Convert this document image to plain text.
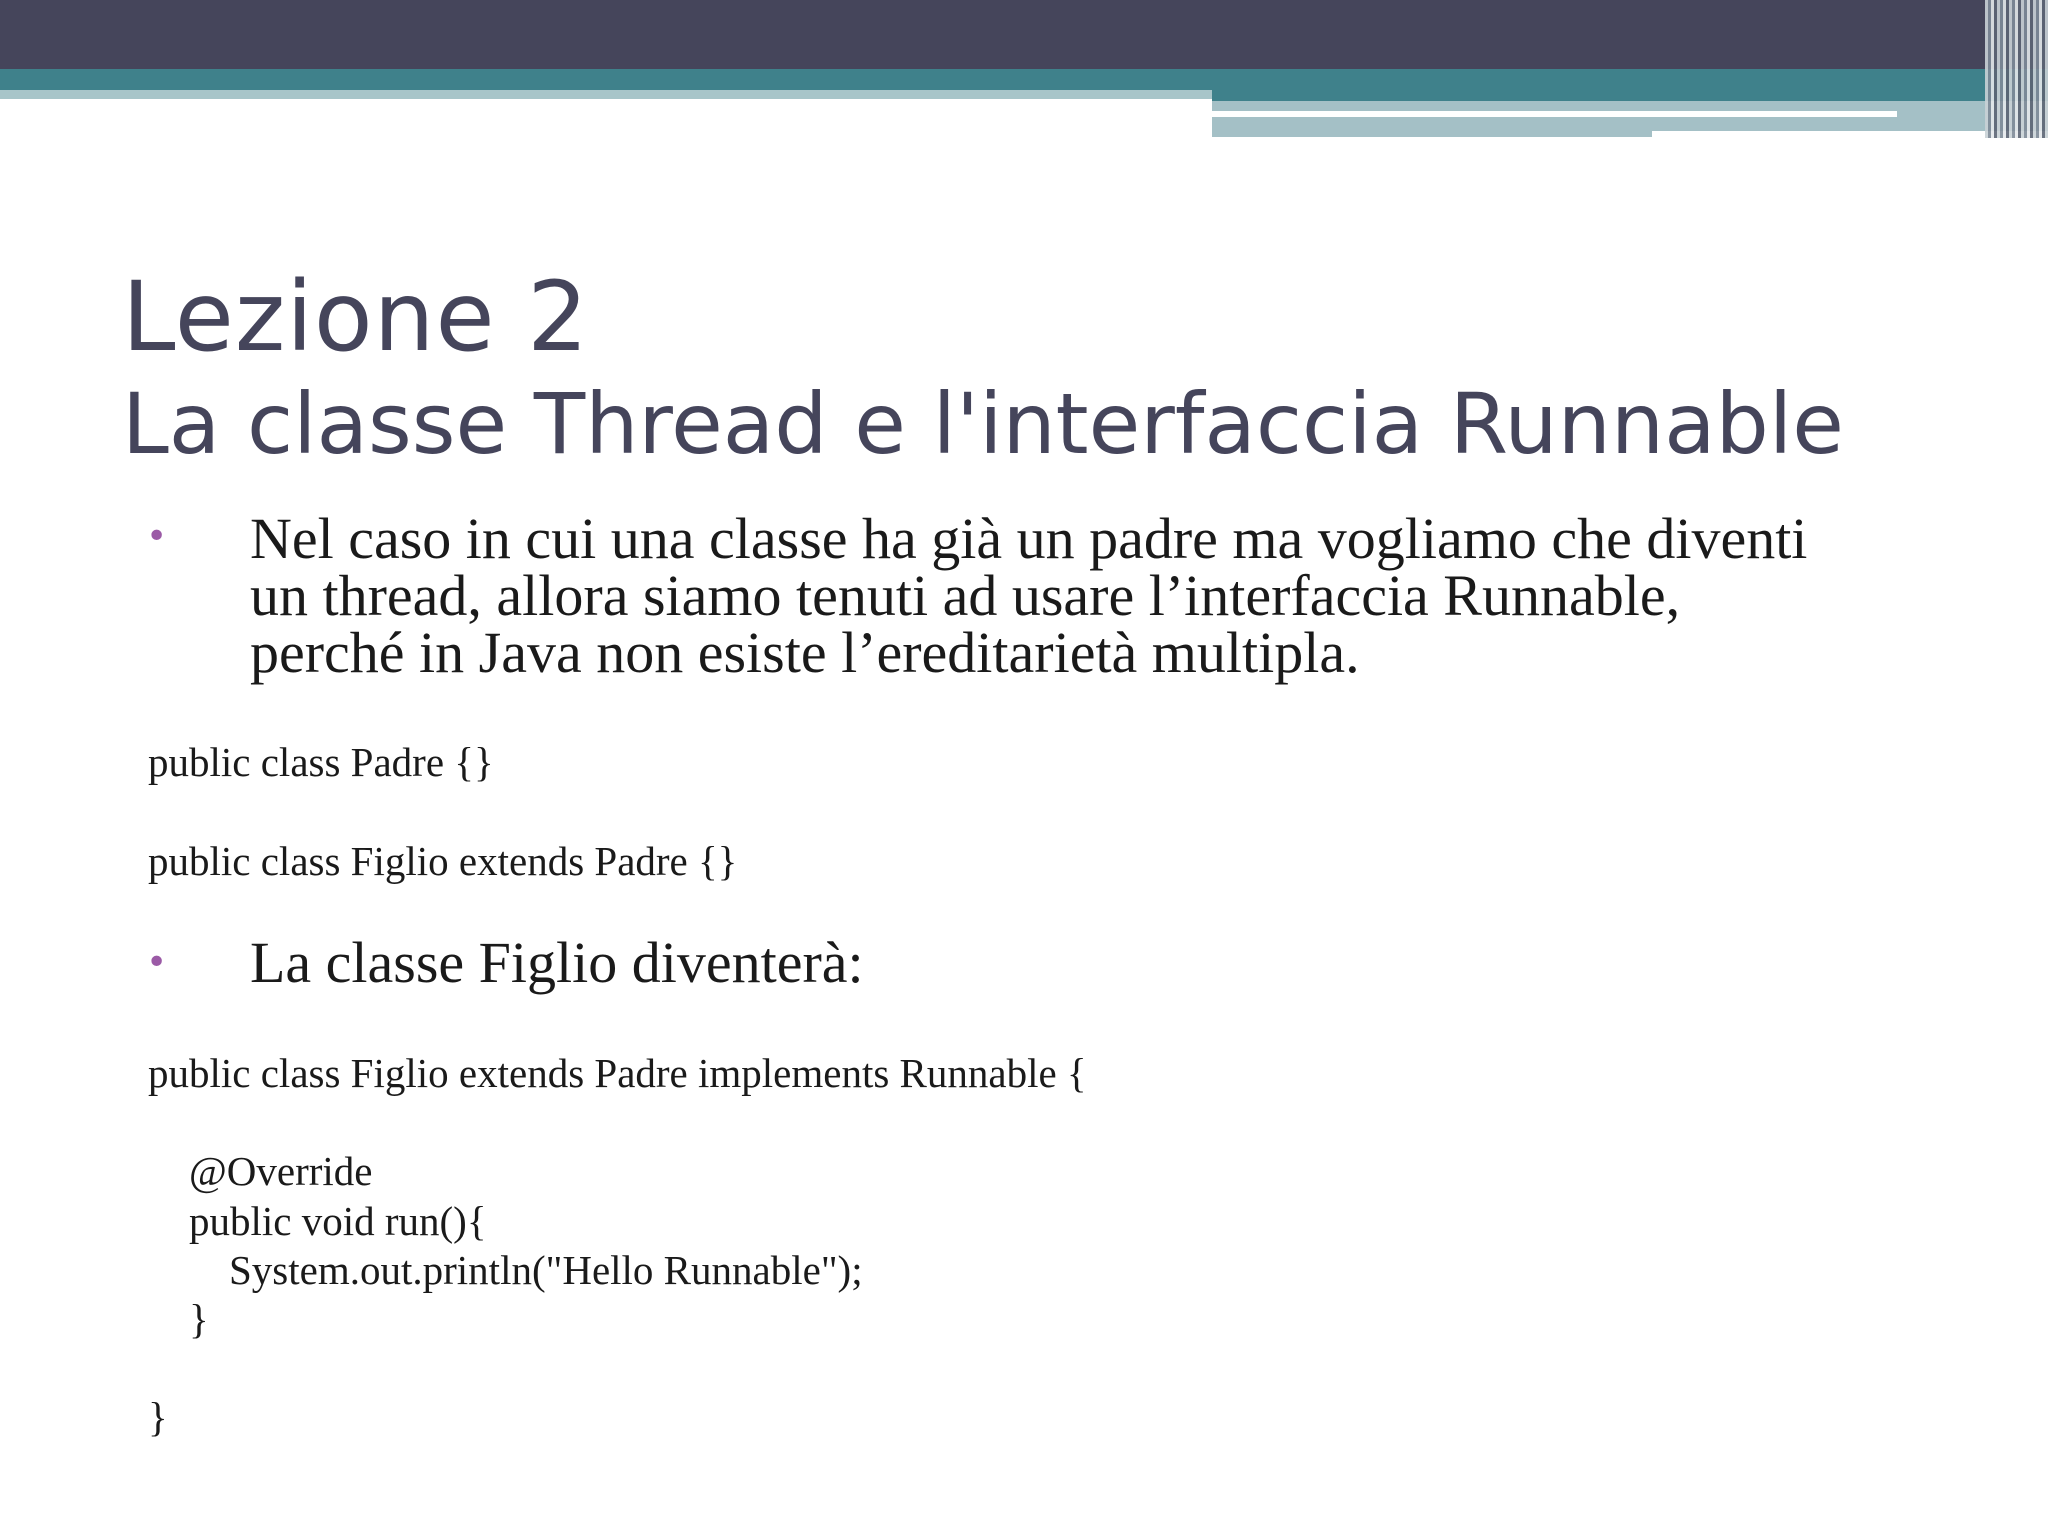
Lezione 2
La classe Thread e l'interfaccia Runnable
• Nel caso in cui una classe ha già un padre ma vogliamo che diventi un thread, allora siamo tenuti ad usare l’interfaccia Runnable, perché in Java non esiste l’ereditarietà multipla.
public class Padre {}
public class Figlio extends Padre {}
• La classe Figlio diventerà:
public class Figlio extends Padre implements Runnable {
@Override
public void run(){
System.out.println("Hello Runnable");
}
}
